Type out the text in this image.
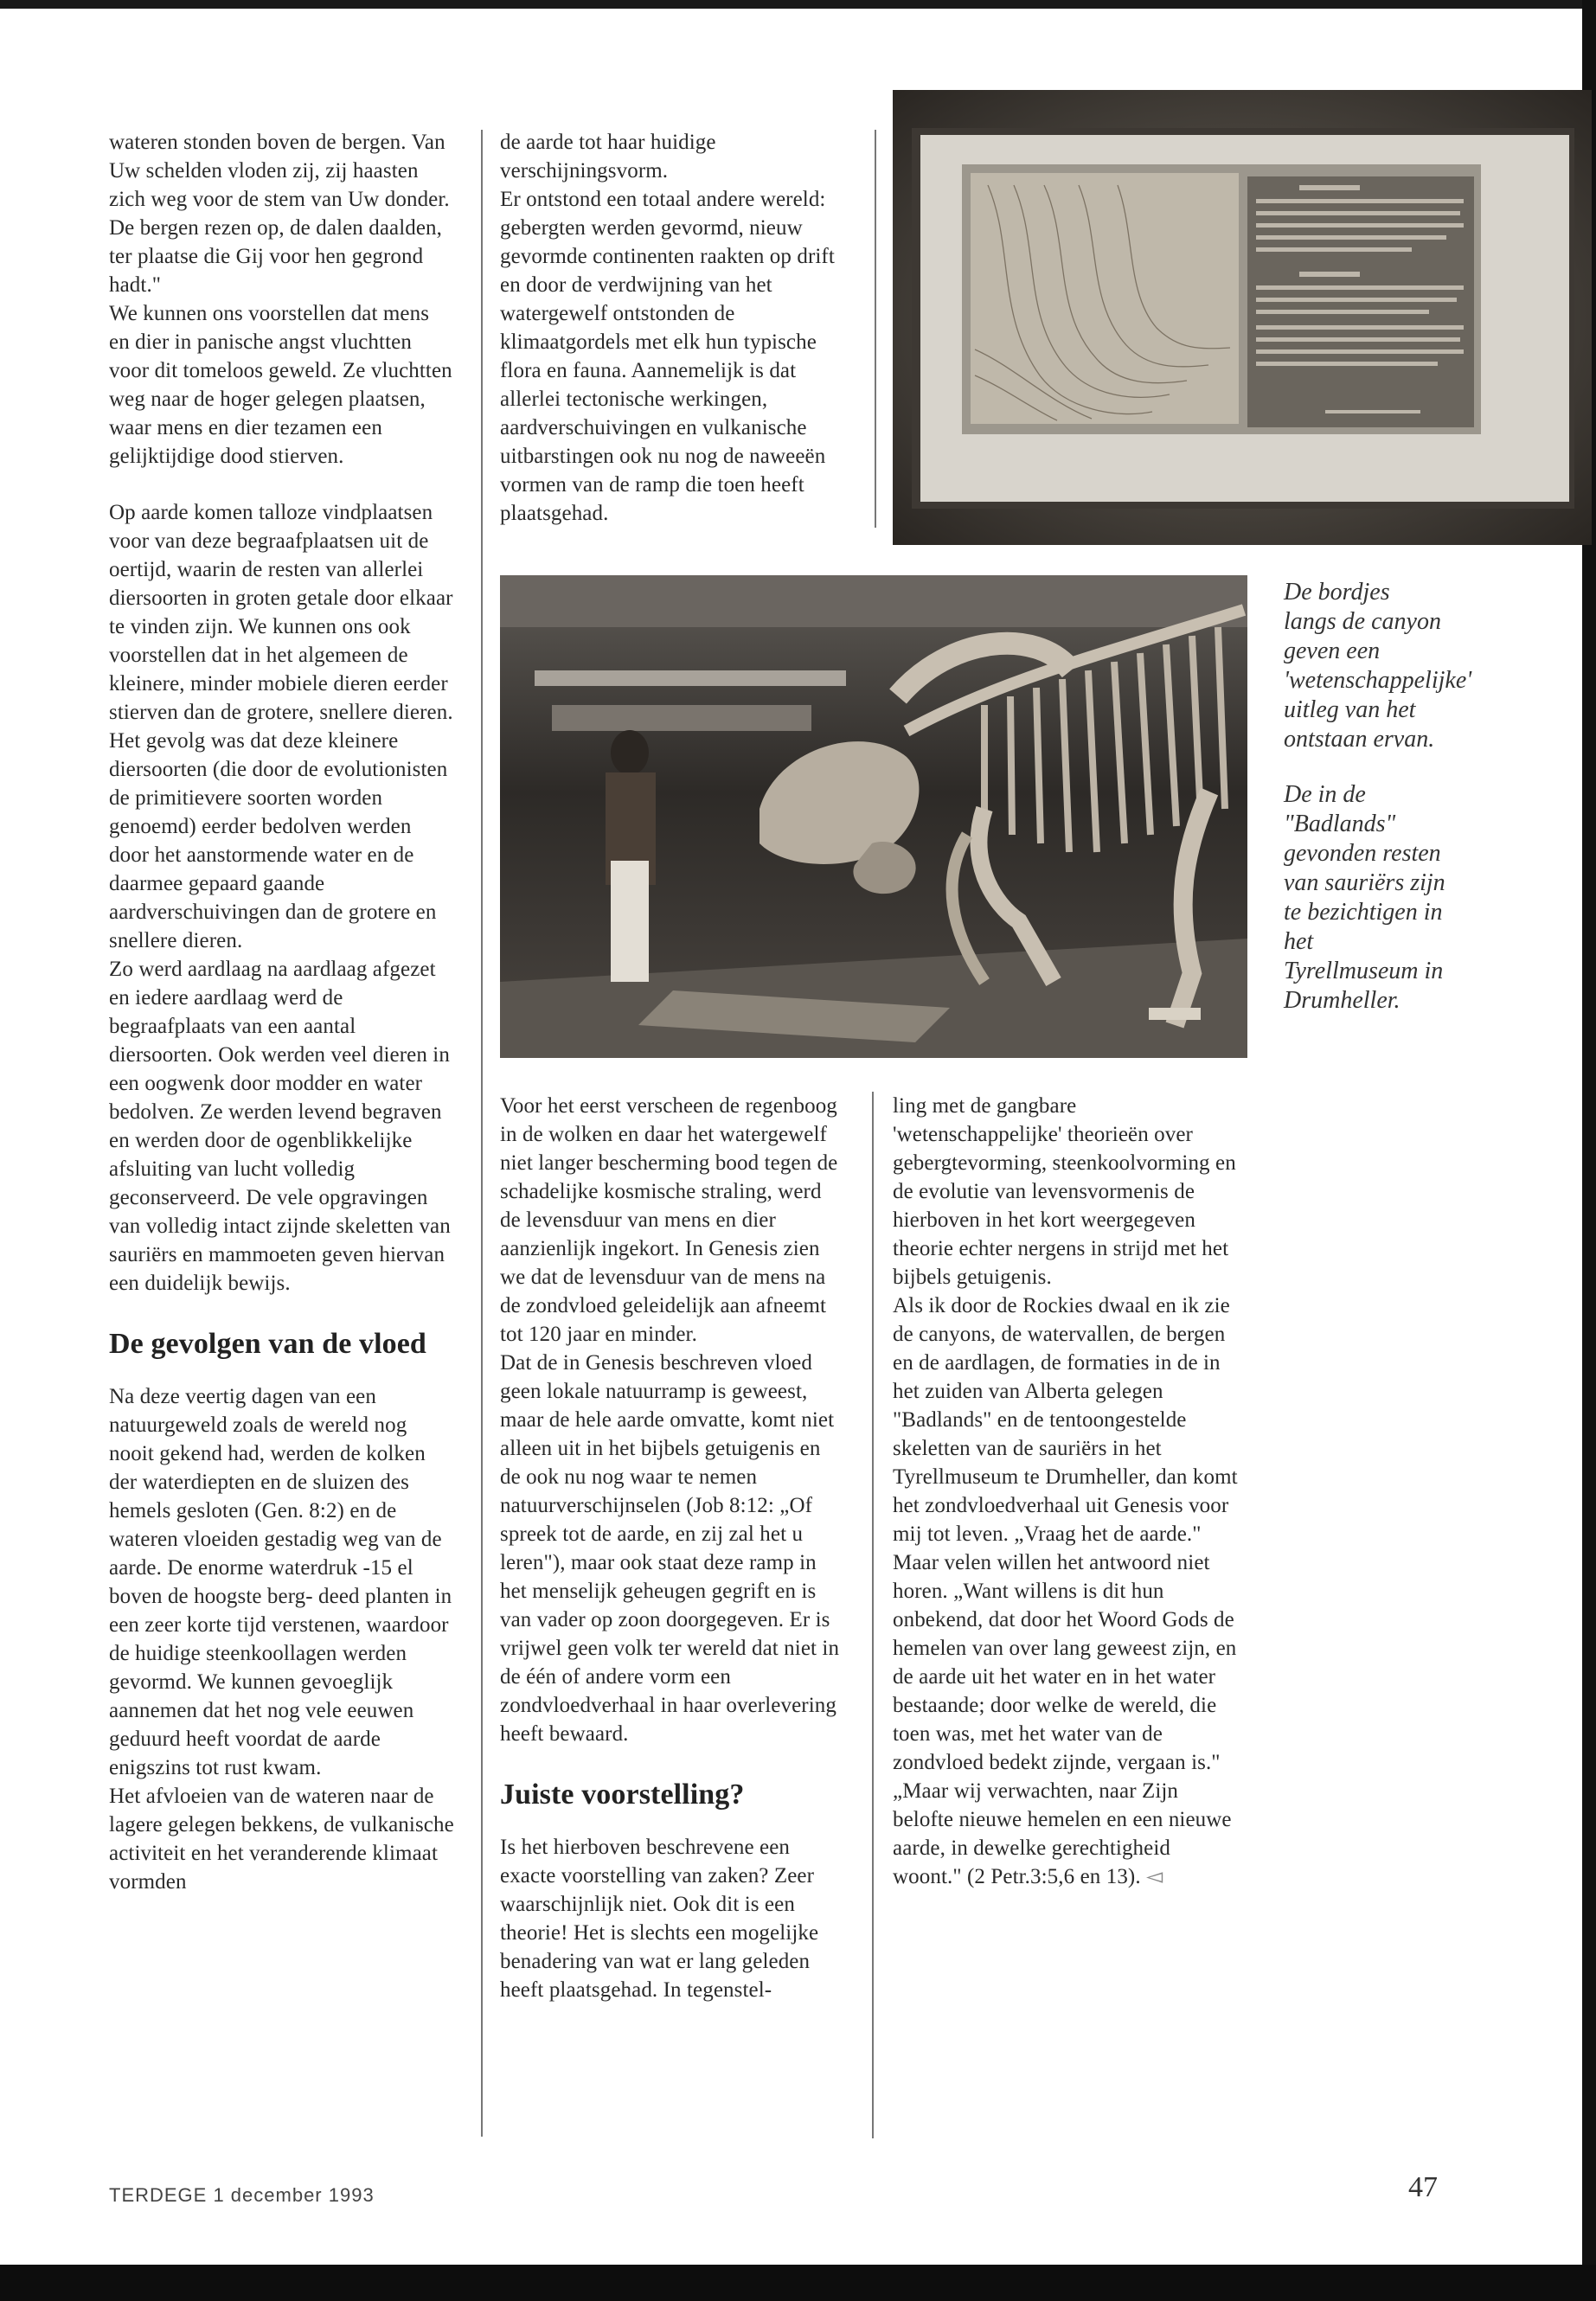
wateren stonden boven de bergen. Van Uw schelden vloden zij, zij haasten zich weg voor de stem van Uw donder. De bergen rezen op, de dalen daalden, ter plaatse die Gij voor hen gegrond hadt."

We kunnen ons voorstellen dat mens en dier in panische angst vluchtten voor dit tomeloos geweld. Ze vluchtten weg naar de hoger gelegen plaatsen, waar mens en dier tezamen een gelijktijdige dood stierven.

Op aarde komen talloze vindplaatsen voor van deze begraafplaatsen uit de oertijd, waarin de resten van allerlei diersoorten in groten getale door elkaar te vinden zijn. We kunnen ons ook voorstellen dat in het algemeen de kleinere, minder mobiele dieren eerder stierven dan de grotere, snellere dieren. Het gevolg was dat deze kleinere diersoorten (die door de evolutionisten de primitievere soorten worden genoemd) eerder bedolven werden door het aanstormende water en de daarmee gepaard gaande aardverschuivingen dan de grotere en snellere dieren.

Zo werd aardlaag na aardlaag afgezet en iedere aardlaag werd de begraafplaats van een aantal diersoorten. Ook werden veel dieren in een oogwenk door modder en water bedolven. Ze werden levend begraven en werden door de ogenblikkelijke afsluiting van lucht volledig geconserveerd. De vele opgravingen van volledig intact zijnde skeletten van sauriërs en mammoeten geven hiervan een duidelijk bewijs.

De gevolgen van de vloed

Na deze veertig dagen van een natuurgeweld zoals de wereld nog nooit gekend had, werden de kolken der waterdiepten en de sluizen des hemels gesloten (Gen. 8:2) en de wateren vloeiden gestadig weg van de aarde. De enorme waterdruk -15 el boven de hoogste berg- deed planten in een zeer korte tijd verstenen, waardoor de huidige steenkoollagen werden gevormd. We kunnen gevoeglijk aannemen dat het nog vele eeuwen geduurd heeft voordat de aarde enigszins tot rust kwam.

Het afvloeien van de wateren naar de lagere gelegen bekkens, de vulkanische activiteit en het veranderende klimaat vormden

de aarde tot haar huidige verschijningsvorm.

Er ontstond een totaal andere wereld: gebergten werden gevormd, nieuw gevormde continenten raakten op drift en door de verdwijning van het watergewelf ontstonden de klimaatgordels met elk hun typische flora en fauna. Aannemelijk is dat allerlei tectonische werkingen, aardverschuivingen en vulkanische uitbarstingen ook nu nog de naweeën vormen van de ramp die toen heeft plaatsgehad.

De bordjes langs de canyon geven een 'wetenschappelijke' uitleg van het ontstaan ervan.

De in de "Badlands" gevonden resten van sauriërs zijn te bezichtigen in het Tyrellmuseum in Drumheller.

Voor het eerst verscheen de regenboog in de wolken en daar het watergewelf niet langer bescherming bood tegen de schadelijke kosmische straling, werd de levensduur van mens en dier aanzienlijk ingekort. In Genesis zien we dat de levensduur van de mens na de zondvloed geleidelijk aan afneemt tot 120 jaar en minder.

Dat de in Genesis beschreven vloed geen lokale natuurramp is geweest, maar de hele aarde omvatte, komt niet alleen uit in het bijbels getuigenis en de ook nu nog waar te nemen natuurverschijnselen (Job 8:12: „Of spreek tot de aarde, en zij zal het u leren"), maar ook staat deze ramp in het menselijk geheugen gegrift en is van vader op zoon doorgegeven. Er is vrijwel geen volk ter wereld dat niet in de één of andere vorm een zondvloedverhaal in haar overlevering heeft bewaard.

Juiste voorstelling?

Is het hierboven beschrevene een exacte voorstelling van zaken? Zeer waarschijnlijk niet. Ook dit is een theorie! Het is slechts een mogelijke benadering van wat er lang geleden heeft plaatsgehad. In tegenstel-

ling met de gangbare 'wetenschappelijke' theorieën over gebergtevorming, steenkoolvorming en de evolutie van levensvormenis de hierboven in het kort weergegeven theorie echter nergens in strijd met het bijbels getuigenis.

Als ik door de Rockies dwaal en ik zie de canyons, de watervallen, de bergen en de aardlagen, de formaties in de in het zuiden van Alberta gelegen "Badlands" en de tentoongestelde skeletten van de sauriërs in het Tyrellmuseum te Drumheller, dan komt het zondvloedverhaal uit Genesis voor mij tot leven. „Vraag het de aarde." Maar velen willen het antwoord niet horen. „Want willens is dit hun onbekend, dat door het Woord Gods de hemelen van over lang geweest zijn, en de aarde uit het water en in het water bestaande; door welke de wereld, die toen was, met het water van de zondvloed bedekt zijnde, vergaan is."

„Maar wij verwachten, naar Zijn belofte nieuwe hemelen en een nieuwe aarde, in dewelke gerechtigheid woont." (2 Petr.3:5,6 en 13). ◅

TERDEGE 1 december 1993	47
